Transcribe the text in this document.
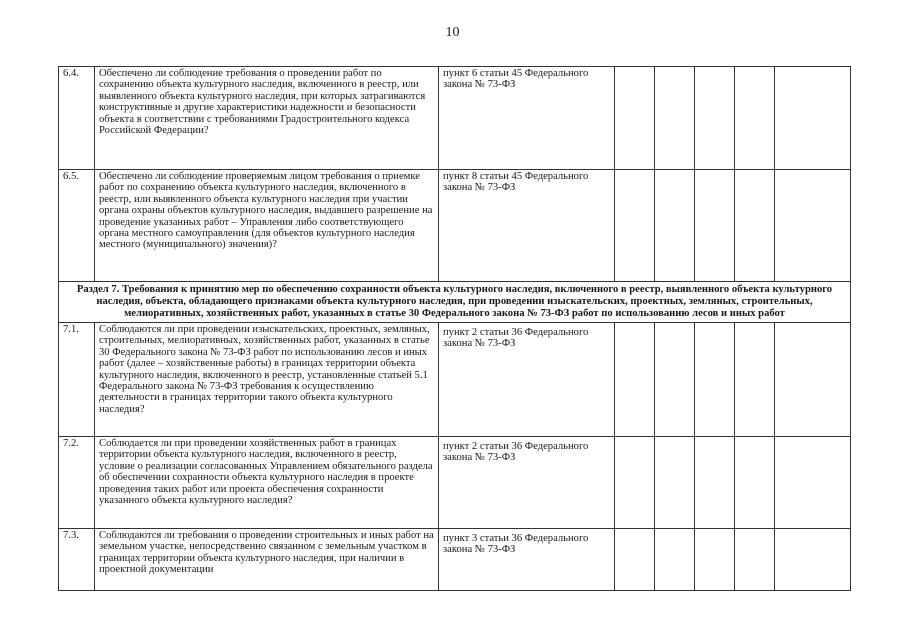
10
6.4.	Обеспечено ли соблюдение требования о проведении работ по сохранению объекта культурного наследия, включенного в реестр, или выявленного объекта культурного наследия, при которых затрагиваются конструктивные и другие характеристики надежности и безопасности объекта в соответствии с требованиями Градостроительного кодекса Российской Федерации?	пункт 6 статьи 45 Федерального закона № 73-ФЗ					
6.5.	Обеспечено ли соблюдение проверяемым лицом требования о приемке работ по сохранению объекта культурного наследия, включенного в реестр, или выявленного объекта культурного наследия при участии органа охраны объектов культурного наследия, выдавшего разрешение на проведение указанных работ – Управления либо соответствующего органа местного самоуправления (для объектов культурного наследия местного (муниципального) значения)?	пункт 8 статьи 45 Федерального закона № 73-ФЗ					
Раздел 7. Требования к принятию мер по обеспечению сохранности объекта культурного наследия, включенного в реестр, выявленного объекта культурного наследия, объекта, обладающего признаками объекта культурного наследия, при проведении изыскательских, проектных, земляных, строительных, мелиоративных, хозяйственных работ, указанных в статье 30 Федерального закона № 73-ФЗ работ по использованию лесов и иных работ							
7.1.	Соблюдаются ли при проведении изыскательских, проектных, земляных, строительных, мелиоративных, хозяйственных работ, указанных в статье 30 Федерального закона № 73-ФЗ работ по использованию лесов и иных работ (далее – хозяйственные работы) в границах территории объекта культурного наследия, включенного в реестр, установленные статьей 5.1 Федерального закона № 73-ФЗ требования к осуществлению деятельности в границах территории такого объекта культурного наследия?	пункт 2 статьи 36 Федерального закона № 73-ФЗ					
7.2.	Соблюдается ли при проведении хозяйственных работ в границах территории объекта культурного наследия, включенного в реестр, условие о реализации согласованных Управлением обязательного раздела об обеспечении сохранности объекта культурного наследия в проекте проведения таких работ или проекта обеспечения сохранности указанного объекта культурного наследия?	пункт 2 статьи 36 Федерального закона № 73-ФЗ					
7.3.	Соблюдаются ли требования о проведении строительных и иных работ на земельном участке, непосредственно связанном с земельным участком в границах территории объекта культурного наследия, при наличии в проектной документации	пункт 3 статьи 36 Федерального закона № 73-ФЗ					
